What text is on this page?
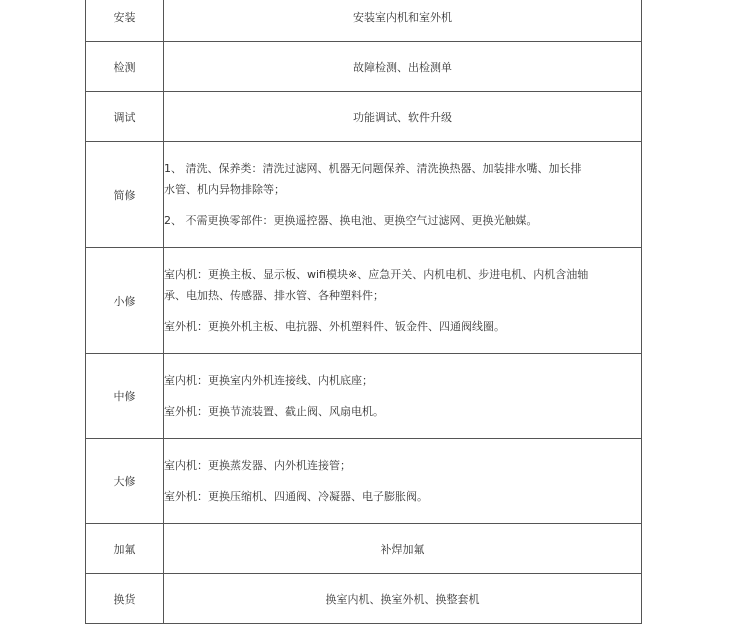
安装	安装室内机和室外机
检测	故障检测、出检测单
调试	功能调试、软件升级
简修	1、 清洗、保养类：清洗过滤网、机器无问题保养、清洗换热器、加装排水嘴、加长排

水管、机内异物排除等；

2、 不需更换零部件：更换遥控器、换电池、更换空气过滤网、更换光触媒。

小修	室内机：更换主板、显示板、wifi模块※、应急开关、内机电机、步进电机、内机含油轴

承、电加热、传感器、排水管、各种塑料件；

室外机：更换外机主板、电抗器、外机塑料件、钣金件、四通阀线圈。

中修	室内机：更换室内外机连接线、内机底座；

室外机：更换节流装置、截止阀、风扇电机。

大修	室内机：更换蒸发器、内外机连接管；

室外机：更换压缩机、四通阀、冷凝器、电子膨胀阀。

加氟	补焊加氟
换货	换室内机、换室外机、换整套机
